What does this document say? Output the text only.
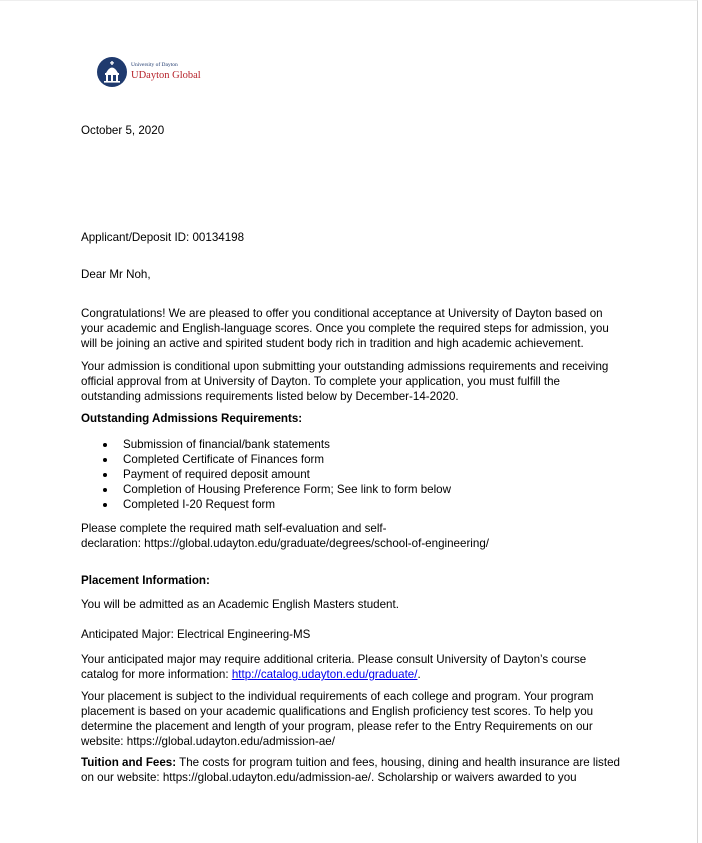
University of Dayton
UDayton Global

October 5, 2020

Applicant/Deposit ID: 00134198

Dear Mr Noh,

Congratulations! We are pleased to offer you conditional acceptance at University of Dayton based on your academic and English-language scores. Once you complete the required steps for admission, you will be joining an active and spirited student body rich in tradition and high academic achievement.

Your admission is conditional upon submitting your outstanding admissions requirements and receiving official approval from at University of Dayton. To complete your application, you must fulfill the outstanding admissions requirements listed below by December-14-2020.

Outstanding Admissions Requirements:

Submission of financial/bank statements
Completed Certificate of Finances form
Payment of required deposit amount
Completion of Housing Preference Form; See link to form below
Completed I-20 Request form

Please complete the required math self-evaluation and self-

declaration: https://global.udayton.edu/graduate/degrees/school-of-engineering/

Placement Information:

You will be admitted as an Academic English Masters student.

Anticipated Major: Electrical Engineering-MS

Your anticipated major may require additional criteria. Please consult University of Dayton’s course catalog for more information: http://catalog.udayton.edu/graduate/.

Your placement is subject to the individual requirements of each college and program. Your program placement is based on your academic qualifications and English proficiency test scores. To help you determine the placement and length of your program, please refer to the Entry Requirements on our website: https://global.udayton.edu/admission-ae/

Tuition and Fees: The costs for program tuition and fees, housing, dining and health insurance are listed on our website: https://global.udayton.edu/admission-ae/. Scholarship or waivers awarded to you
